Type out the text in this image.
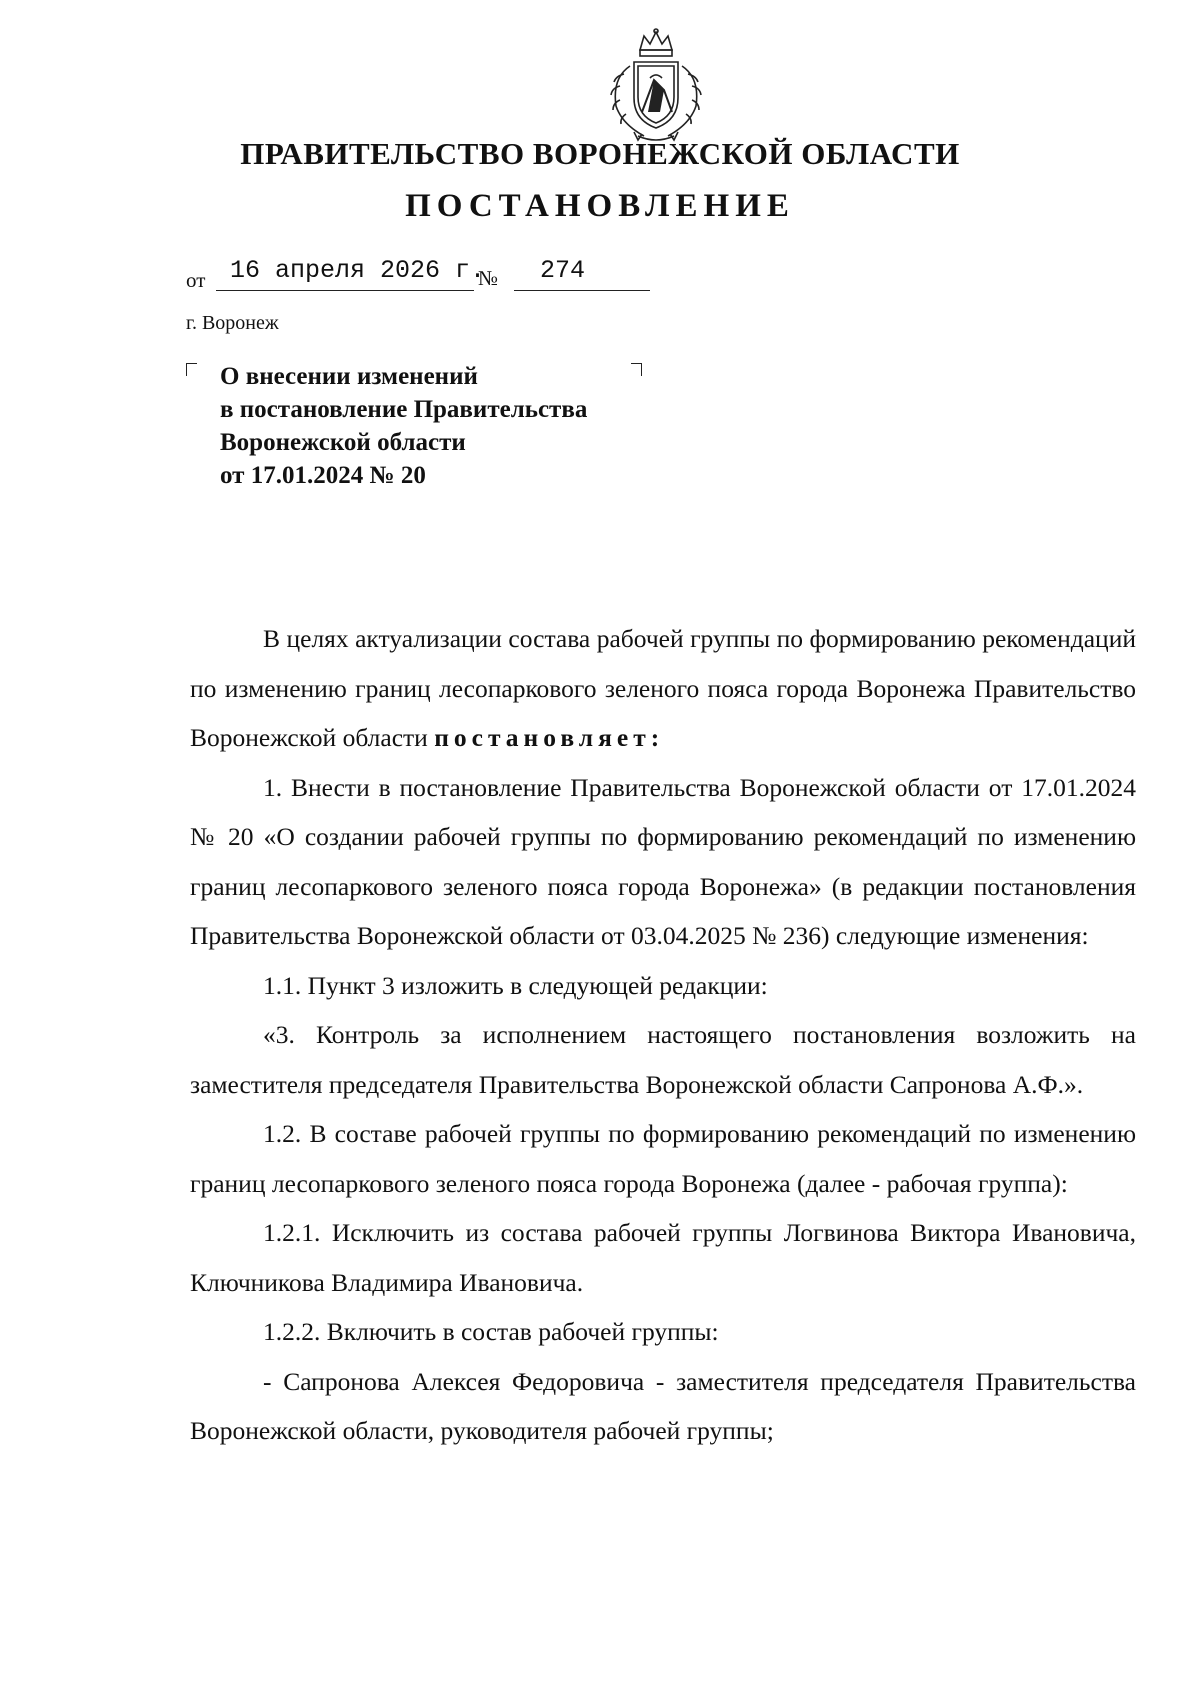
ПРАВИТЕЛЬСТВО ВОРОНЕЖСКОЙ ОБЛАСТИ
ПОСТАНОВЛЕНИЕ
от 16 апреля 2026 г.
№ 274
г. Воронеж
О внесении изменений
в постановление Правительства
Воронежской области
от 17.01.2024 № 20

В целях актуализации состава рабочей группы по формированию рекомендаций по изменению границ лесопаркового зеленого пояса города Воронежа Правительство Воронежской области постановляет:

1. Внести в постановление Правительства Воронежской области от 17.01.2024 № 20 «О создании рабочей группы по формированию рекомендаций по изменению границ лесопаркового зеленого пояса города Воронежа» (в редакции постановления Правительства Воронежской области от 03.04.2025 № 236) следующие изменения:

1.1. Пункт 3 изложить в следующей редакции:

«3. Контроль за исполнением настоящего постановления возложить на заместителя председателя Правительства Воронежской области Сапронова А.Ф.».

1.2. В составе рабочей группы по формированию рекомендаций по изменению границ лесопаркового зеленого пояса города Воронежа (далее - рабочая группа):

1.2.1. Исключить из состава рабочей группы Логвинова Виктора Ивановича, Ключникова Владимира Ивановича.

1.2.2. Включить в состав рабочей группы:

- Сапронова Алексея Федоровича - заместителя председателя Правительства Воронежской области, руководителя рабочей группы;
